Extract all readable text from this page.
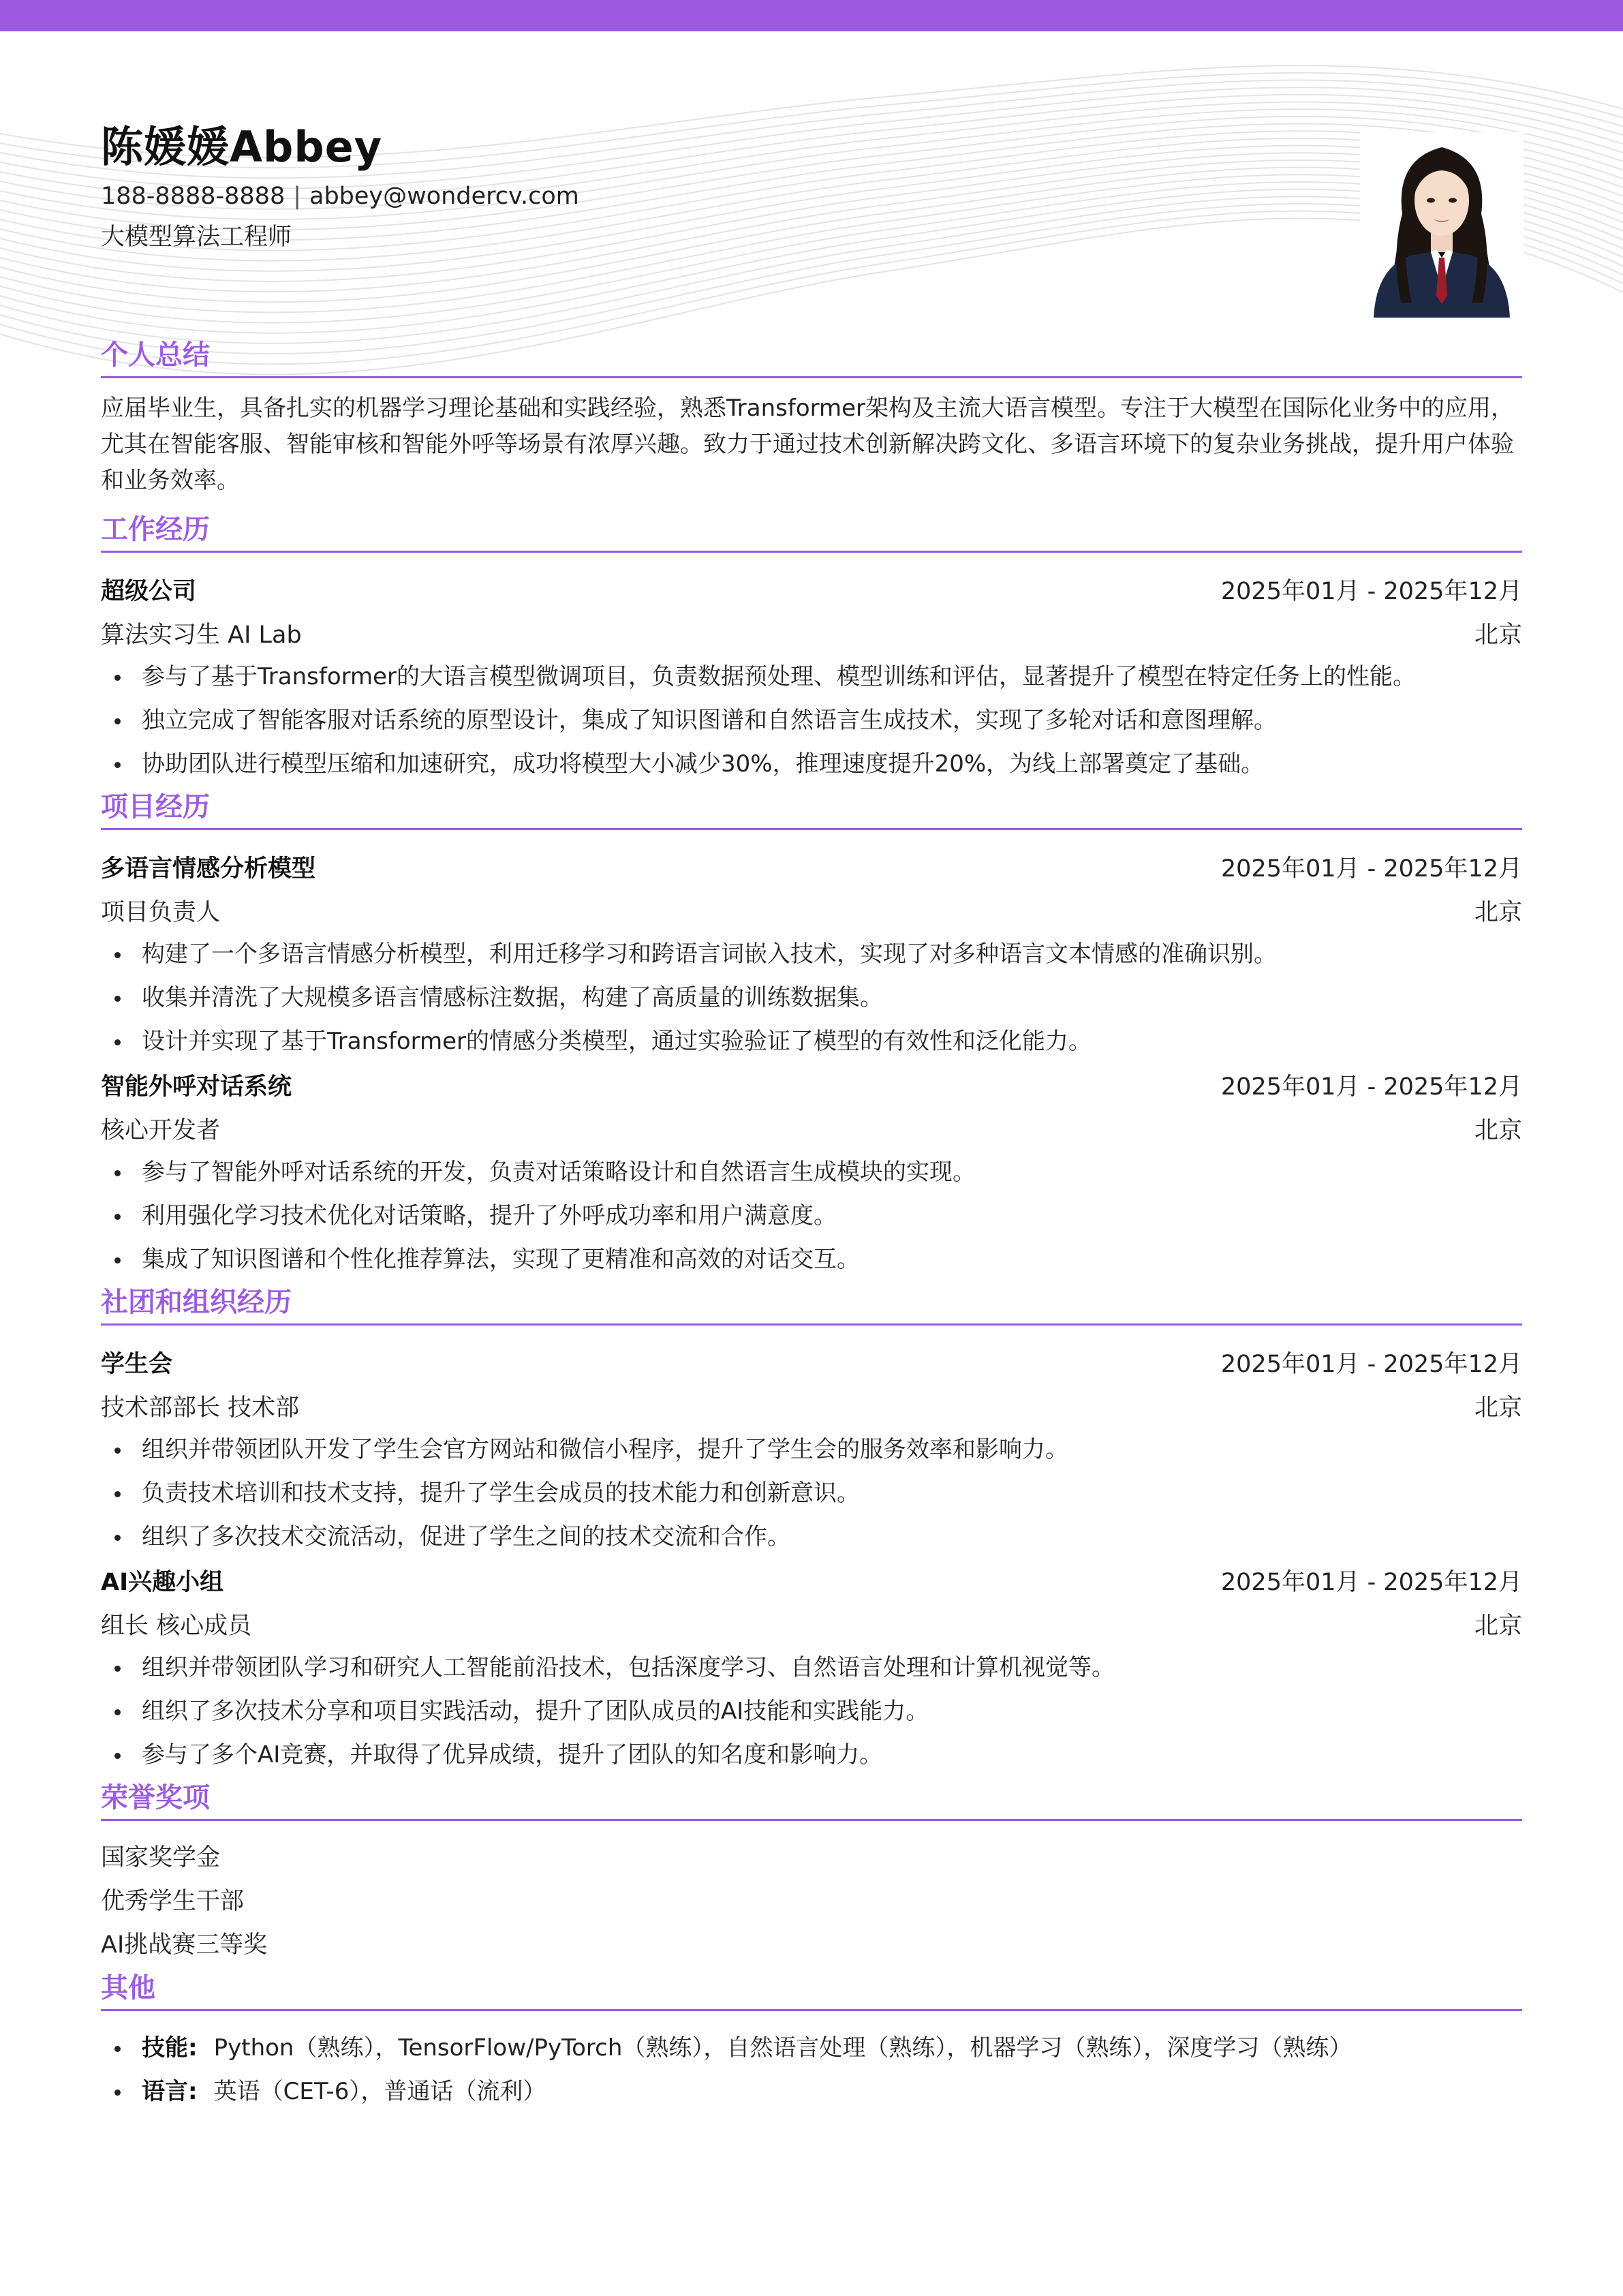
陈媛媛Abbey
188-8888-8888 | abbey@wondercv.com
大模型算法工程师
个人总结
应届毕业生，具备扎实的机器学习理论基础和实践经验，熟悉Transformer架构及主流大语言模型。专注于大模型在国际化业务中的应用，尤其在智能客服、智能审核和智能外呼等场景有浓厚兴趣。致力于通过技术创新解决跨文化、多语言环境下的复杂业务挑战，提升用户体验和业务效率。
工作经历
超级公司	2025年01月 - 2025年12月
算法实习生 AI Lab	北京
参与了基于Transformer的大语言模型微调项目，负责数据预处理、模型训练和评估，显著提升了模型在特定任务上的性能。
独立完成了智能客服对话系统的原型设计，集成了知识图谱和自然语言生成技术，实现了多轮对话和意图理解。
协助团队进行模型压缩和加速研究，成功将模型大小减少30%，推理速度提升20%，为线上部署奠定了基础。
项目经历
多语言情感分析模型	2025年01月 - 2025年12月
项目负责人	北京
构建了一个多语言情感分析模型，利用迁移学习和跨语言词嵌入技术，实现了对多种语言文本情感的准确识别。
收集并清洗了大规模多语言情感标注数据，构建了高质量的训练数据集。
设计并实现了基于Transformer的情感分类模型，通过实验验证了模型的有效性和泛化能力。
智能外呼对话系统	2025年01月 - 2025年12月
核心开发者	北京
参与了智能外呼对话系统的开发，负责对话策略设计和自然语言生成模块的实现。
利用强化学习技术优化对话策略，提升了外呼成功率和用户满意度。
集成了知识图谱和个性化推荐算法，实现了更精准和高效的对话交互。
社团和组织经历
学生会	2025年01月 - 2025年12月
技术部部长 技术部	北京
组织并带领团队开发了学生会官方网站和微信小程序，提升了学生会的服务效率和影响力。
负责技术培训和技术支持，提升了学生会成员的技术能力和创新意识。
组织了多次技术交流活动，促进了学生之间的技术交流和合作。
AI兴趣小组	2025年01月 - 2025年12月
组长 核心成员	北京
组织并带领团队学习和研究人工智能前沿技术，包括深度学习、自然语言处理和计算机视觉等。
组织了多次技术分享和项目实践活动，提升了团队成员的AI技能和实践能力。
参与了多个AI竞赛，并取得了优异成绩，提升了团队的知名度和影响力。
荣誉奖项
国家奖学金
优秀学生干部
AI挑战赛三等奖
其他
技能: Python（熟练），TensorFlow/PyTorch（熟练），自然语言处理（熟练），机器学习（熟练），深度学习（熟练）
语言: 英语（CET-6），普通话（流利）
